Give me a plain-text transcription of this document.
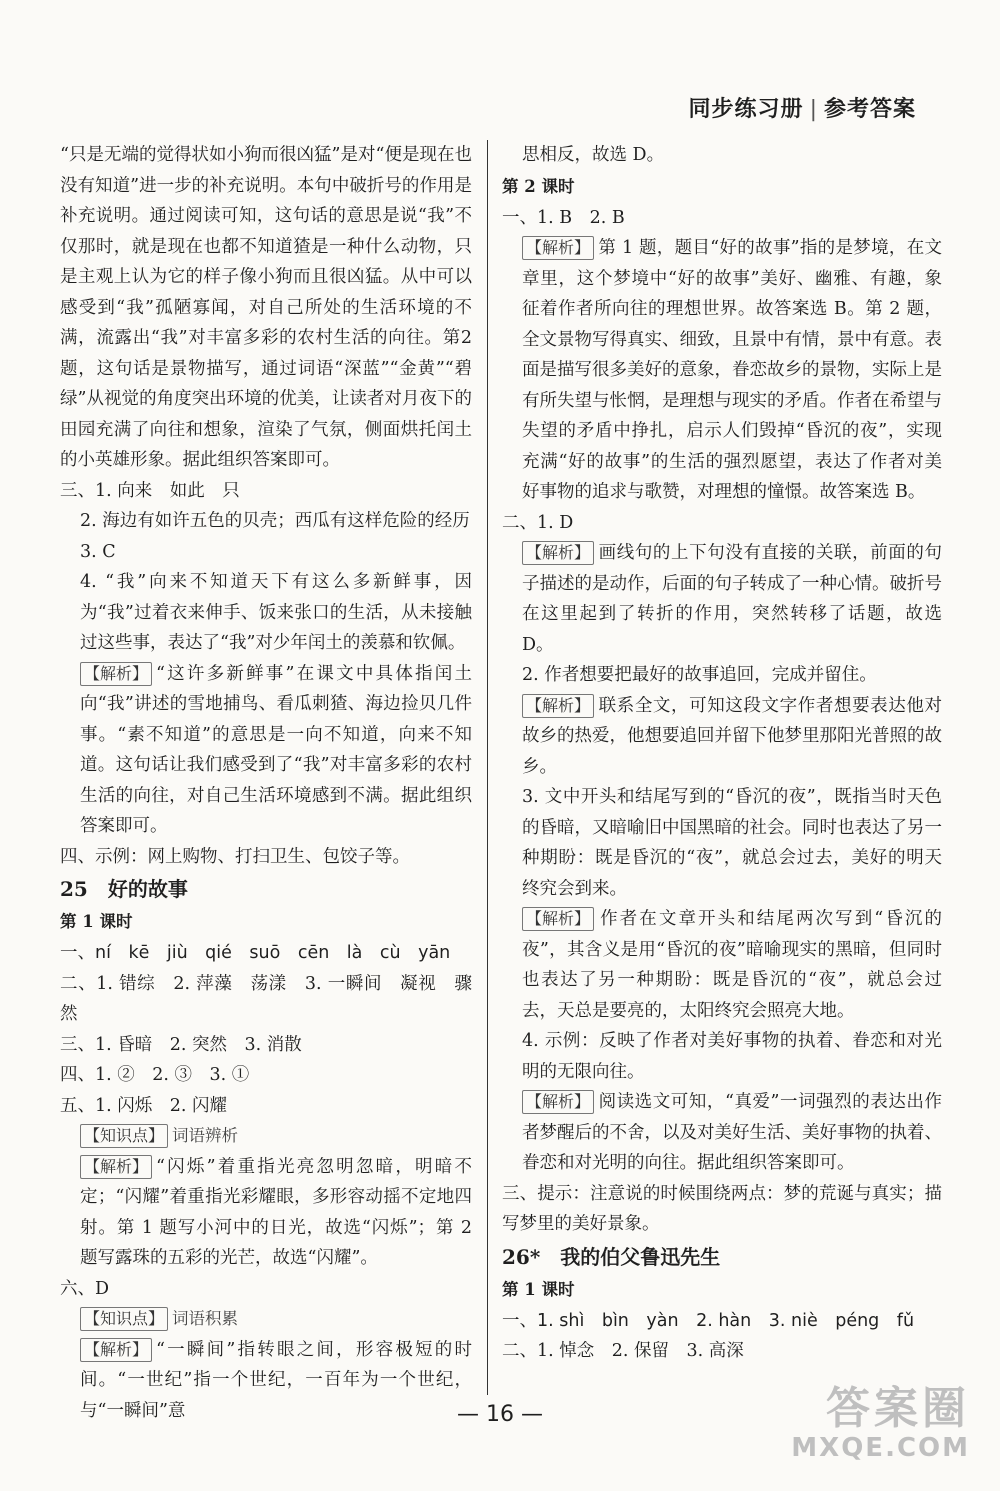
同步练习册 | 参考答案

“只是无端的觉得状如小狗而很凶猛”是对“便是现在也没有知道”进一步的补充说明。本句中破折号的作用是补充说明。通过阅读可知，这句话的意思是说“我”不仅那时，就是现在也都不知道猹是一种什么动物，只是主观上认为它的样子像小狗而且很凶猛。从中可以感受到“我”孤陋寡闻，对自己所处的生活环境的不满，流露出“我”对丰富多彩的农村生活的向往。第2题，这句话是景物描写，通过词语“深蓝”“金黄”“碧绿”从视觉的角度突出环境的优美，让读者对月夜下的田园充满了向往和想象，渲染了气氛，侧面烘托闰土的小英雄形象。据此组织答案即可。

三、1. 向来　如此　只

2. 海边有如许五色的贝壳；西瓜有这样危险的经历

3. C

4. “我”向来不知道天下有这么多新鲜事，因为“我”过着衣来伸手、饭来张口的生活，从未接触过这些事，表达了“我”对少年闰土的羡慕和钦佩。

【解析】 “这许多新鲜事”在课文中具体指闰土向“我”讲述的雪地捕鸟、看瓜刺猹、海边捡贝几件事。“素不知道”的意思是一向不知道，向来不知道。这句话让我们感受到了“我”对丰富多彩的农村生活的向往，对自己生活环境感到不满。据此组织答案即可。

四、示例：网上购物、打扫卫生、包饺子等。

25　好的故事

第 1 课时

一、ní　kē　jiù　qié　suō　cēn　là　cù　yān

二、1. 错综　2. 萍藻　荡漾　3. 一瞬间　凝视　骤然

三、1. 昏暗　2. 突然　3. 消散

四、1. ②　2. ③　3. ①

五、1. 闪烁　2. 闪耀

【知识点】 词语辨析

【解析】 “闪烁”着重指光亮忽明忽暗，明暗不定；“闪耀”着重指光彩耀眼，多形容动摇不定地四射。第 1 题写小河中的日光，故选“闪烁”；第 2 题写露珠的五彩的光芒，故选“闪耀”。

六、D

【知识点】 词语积累

【解析】 “一瞬间”指转眼之间，形容极短的时间。“一世纪”指一个世纪，一百年为一个世纪，与“一瞬间”意

思相反，故选 D。

第 2 课时

一、1. B　2. B

【解析】 第 1 题，题目“好的故事”指的是梦境，在文章里，这个梦境中“好的故事”美好、幽雅、有趣，象征着作者所向往的理想世界。故答案选 B。第 2 题，全文景物写得真实、细致，且景中有情，景中有意。表面是描写很多美好的意象，眷恋故乡的景物，实际上是有所失望与怅惘，是理想与现实的矛盾。作者在希望与失望的矛盾中挣扎，启示人们毁掉“昏沉的夜”，实现充满“好的故事”的生活的强烈愿望，表达了作者对美好事物的追求与歌赞，对理想的憧憬。故答案选 B。

二、1. D

【解析】 画线句的上下句没有直接的关联，前面的句子描述的是动作，后面的句子转成了一种心情。破折号在这里起到了转折的作用，突然转移了话题，故选 D。

2. 作者想要把最好的故事追回，完成并留住。

【解析】 联系全文，可知这段文字作者想要表达他对故乡的热爱，他想要追回并留下他梦里那阳光普照的故乡。

3. 文中开头和结尾写到的“昏沉的夜”，既指当时天色的昏暗，又暗喻旧中国黑暗的社会。同时也表达了另一种期盼：既是昏沉的“夜”，就总会过去，美好的明天终究会到来。

【解析】 作者在文章开头和结尾两次写到“昏沉的夜”，其含义是用“昏沉的夜”暗喻现实的黑暗，但同时也表达了另一种期盼：既是昏沉的“夜”，就总会过去，天总是要亮的，太阳终究会照亮大地。

4. 示例：反映了作者对美好事物的执着、眷恋和对光明的无限向往。

【解析】 阅读选文可知，“真爱”一词强烈的表达出作者梦醒后的不舍，以及对美好生活、美好事物的执着、眷恋和对光明的向往。据此组织答案即可。

三、提示：注意说的时候围绕两点：梦的荒诞与真实；描写梦里的美好景象。

26*　我的伯父鲁迅先生

第 1 课时

一、1. shì　bìn　yàn　2. hàn　3. niè　péng　fǔ

二、1. 悼念　2. 保留　3. 高深

— 16 —	答案圈
MXQE.COM
